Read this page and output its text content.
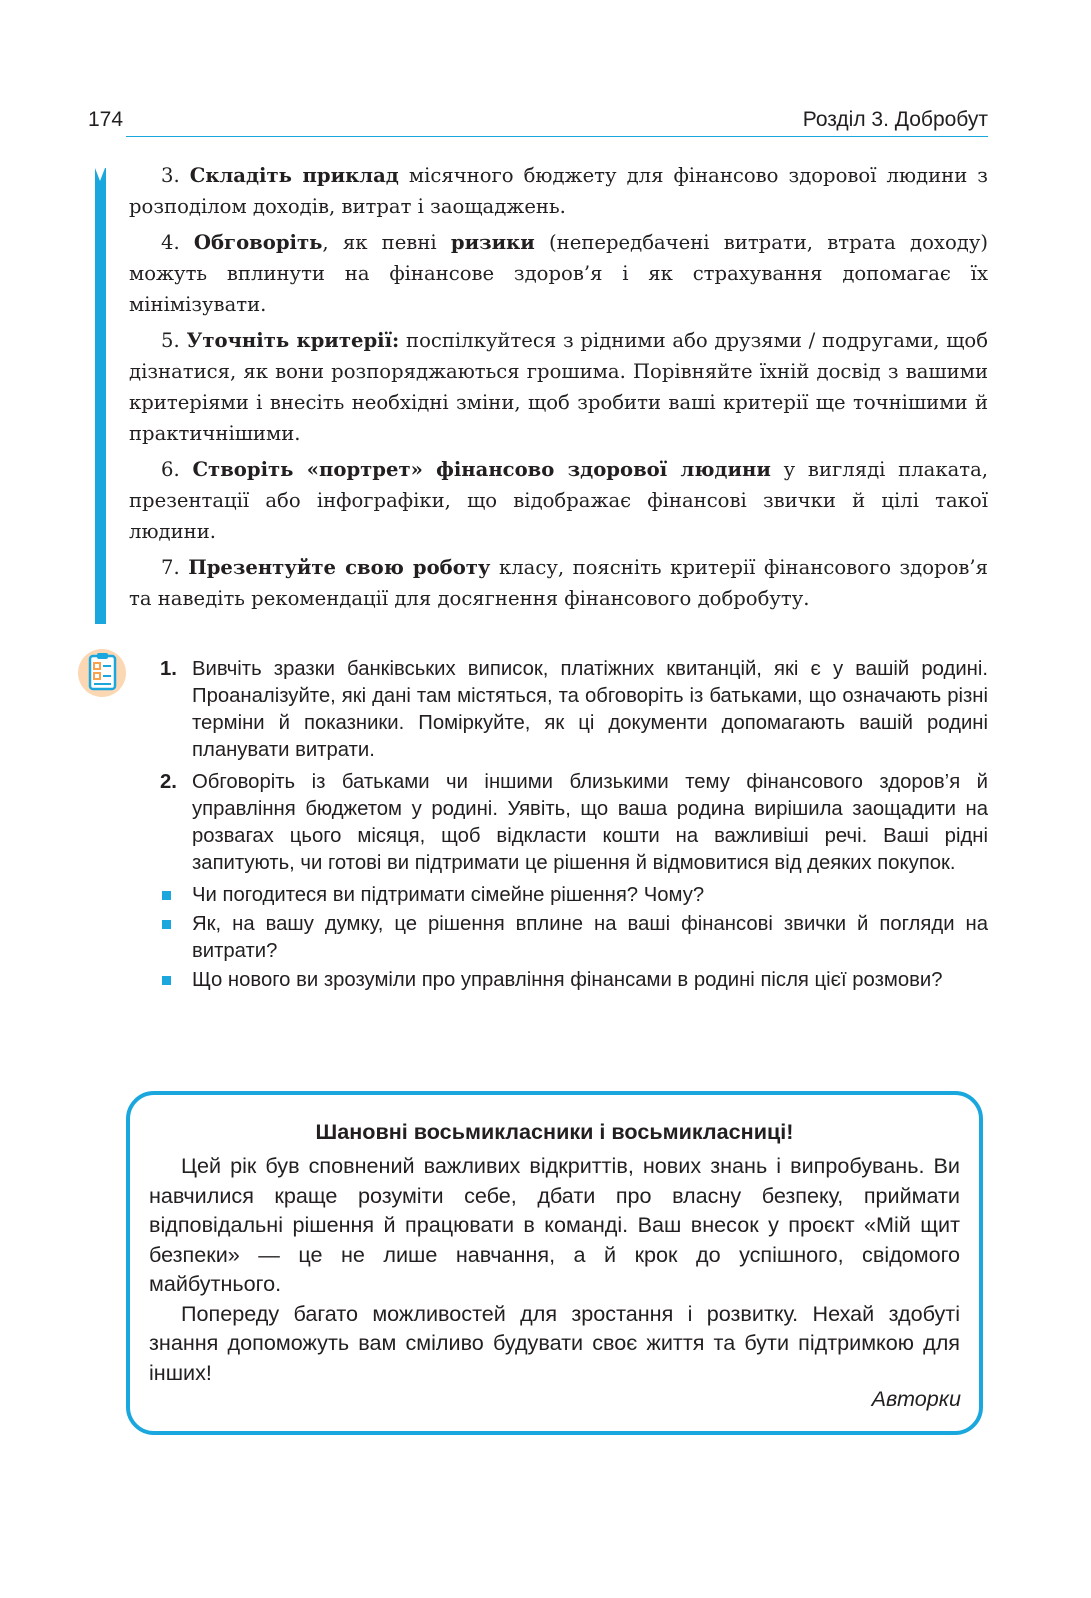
174	Розділ 3. Добробут

3. Складіть приклад місячного бюджету для фінансово здорової людини з розподілом доходів, витрат і заощаджень.

4. Обговоріть, як певні ризики (непередбачені витрати, втрата доходу) можуть вплинути на фінансове здоров’я і як страхування допомагає їх мінімізувати.

5. Уточніть критерії: поспілкуйтеся з рідними або друзями / подругами, щоб дізнатися, як вони розпоряджаються грошима. Порівняйте їхній досвід з вашими критеріями і внесіть необхідні зміни, щоб зробити ваші критерії ще точнішими й практичнішими.

6. Створіть «портрет» фінансово здорової людини у вигляді плаката, презентації або інфографіки, що відображає фінансові звички й цілі такої людини.

7. Презентуйте свою роботу класу, поясніть критерії фінансового здоров’я та наведіть рекомендації для досягнення фінансового добробуту.

1. Вивчіть зразки банківських виписок, платіжних квитанцій, які є у вашій родині. Проаналізуйте, які дані там містяться, та обговоріть із батьками, що означають різні терміни й показники. Поміркуйте, як ці документи допомагають вашій родині планувати витрати.
2. Обговоріть із батьками чи іншими близькими тему фінансового здоров’я й управління бюджетом у родині. Уявіть, що ваша родина вирішила заощадити на розвагах цього місяця, щоб відкласти кошти на важливіші речі. Ваші рідні запитують, чи готові ви підтримати це рішення й відмовитися від деяких покупок.
Чи погодитеся ви підтримати сімейне рішення? Чому?
Як, на вашу думку, це рішення вплине на ваші фінансові звички й погляди на витрати?
Що нового ви зрозуміли про управління фінансами в родині після цієї розмови?
Шановні восьмикласники і восьмикласниці!

Цей рік був сповнений важливих відкриттів, нових знань і випробувань. Ви навчилися краще розуміти себе, дбати про власну безпеку, приймати відповідальні рішення й працювати в команді. Ваш внесок у проєкт «Мій щит безпеки» — це не лише навчання, а й крок до успішного, свідомого майбутнього.

Попереду багато можливостей для зростання і розвитку. Нехай здобуті знання допоможуть вам сміливо будувати своє життя та бути підтримкою для інших!

Авторки
